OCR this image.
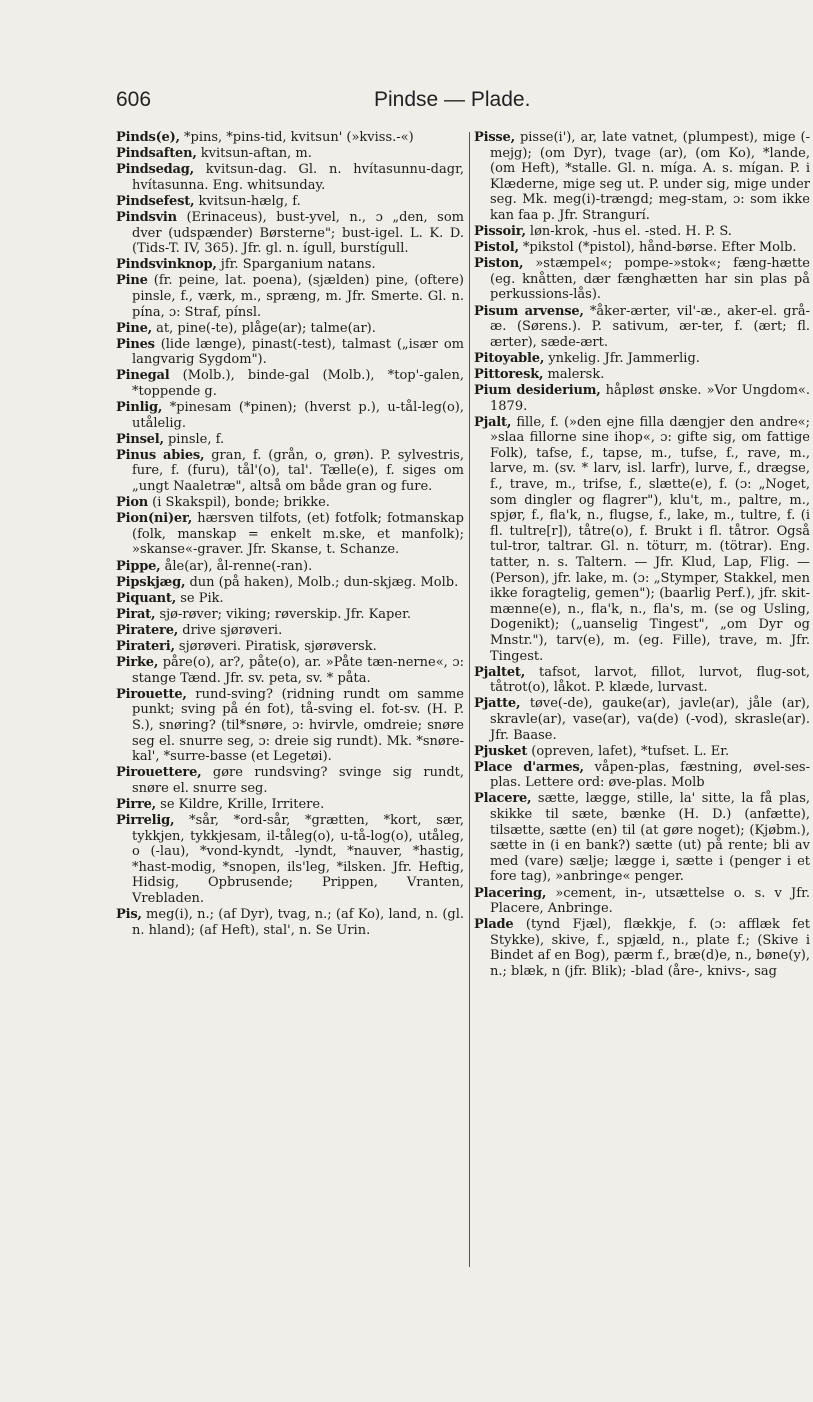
606	Pindse — Plade.

Pinds(e), *pins, *pins-tid, kvitsun' (»kviss.-«)

Pindsaften, kvitsun-aftan, m.

Pindsedag, kvitsun-dag. Gl. n. hvítasunnu-dagr, hvítasunna. Eng. whitsunday.

Pindsefest, kvitsun-hælg, f.

Pindsvin (Erinaceus), bust-yvel, n., ɔ „den, som dver (udspænder) Børsterne"; bust-igel. L. K. D. (Tids-T. IV, 365). Jfr. gl. n. ígull, burstígull.

Pindsvinknop, jfr. Sparganium natans.

Pine (fr. peine, lat. poena), (sjælden) pine, (oftere) pinsle, f., værk, m., spræng, m. Jfr. Smerte. Gl. n. pína, ɔ: Straf, pínsl.

Pine, at, pine(-te), plåge(ar); talme(ar).

Pines (lide længe), pinast(-test), talmast („især om langvarig Sygdom").

Pinegal (Molb.), binde-gal (Molb.), *top'-galen, *toppende g.

Pinlig, *pinesam (*pinen); (hverst p.), u-tål-leg(o), utålelig.

Pinsel, pinsle, f.

Pinus abies, gran, f. (grån, o, grøn). P. sylvestris, fure, f. (furu), tål'(o), tal'. Tælle(e), f. siges om „ungt Naaletræ", altså om både gran og fure.

Pion (i Skakspil), bonde; brikke.

Pion(ni)er, hærsven tilfots, (et) fotfolk; fotmanskap (folk, manskap = enkelt m.ske, et manfolk); »skanse«-graver. Jfr. Skanse, t. Schanze.

Pippe, åle(ar), ål-renne(-ran).

Pipskjæg, dun (på haken), Molb.; dun-skjæg. Molb.

Piquant, se Pik.

Pirat, sjø-røver; viking; røverskip. Jfr. Kaper.

Piratere, drive sjørøveri.

Pirateri, sjørøveri. Piratisk, sjørøversk.

Pirke, påre(o), ar?, påte(o), ar. »Påte tæn-nerne«, ɔ: stange Tænd. Jfr. sv. peta, sv. * påta.

Pirouette, rund-sving? (ridning rundt om samme punkt; sving på én fot), tå-sving el. fot-sv. (H. P. S.), snøring? (til*snøre, ɔ: hvirvle, omdreie; snøre seg el. snurre seg, ɔ: dreie sig rundt). Mk. *snøre-kal', *surre-basse (et Legetøi).

Pirouettere, gøre rundsving? svinge sig rundt, snøre el. snurre seg.

Pirre, se Kildre, Krille, Irritere.

Pirrelig, *sår, *ord-sår, *grætten, *kort, sær, tykkjen, tykkjesam, il-tåleg(o), u-tå-log(o), utåleg, o (-lau), *vond-kyndt, -lyndt, *nauver, *hastig, *hast-modig, *snopen, ils'leg, *ilsken. Jfr. Heftig, Hidsig, Opbrusende; Prippen, Vranten, Vrebladen.

Pis, meg(i), n.; (af Dyr), tvag, n.; (af Ko), land, n. (gl. n. hland); (af Heft), stal', n. Se Urin.

Pisse, pisse(i'), ar, late vatnet, (plumpest), mige (-mejg); (om Dyr), tvage (ar), (om Ko), *lande, (om Heft), *stalle. Gl. n. míga. A. s. mígan. P. i Klæderne, mige seg ut. P. under sig, mige under seg. Mk. meg(i)-trængd; meg-stam, ɔ: som ikke kan faa p. Jfr. Strangurí.

Pissoir, løn-krok, -hus el. -sted. H. P. S.

Pistol, *pikstol (*pistol), hånd-børse. Efter Molb.

Piston, »stæmpel«; pompe-»stok«; fæng-hætte (eg. knåtten, dær fænghætten har sin plas på perkussions-lås).

Pisum arvense, *åker-ærter, vil'-æ., aker-el. grå-æ. (Sørens.). P. sativum, ær-ter, f. (ært; fl. ærter), sæde-ært.

Pitoyable, ynkelig. Jfr. Jammerlig.

Pittoresk, malersk.

Pium desiderium, håpløst ønske. »Vor Ungdom«. 1879.

Pjalt, fille, f. (»den ejne filla dængjer den andre«; »slaa fillorne sine ihop«, ɔ: gifte sig, om fattige Folk), tafse, f., tapse, m., tufse, f., rave, m., larve, m. (sv. * larv, isl. larfr), lurve, f., drægse, f., trave, m., trifse, f., slætte(e), f. (ɔ: „Noget, som dingler og flagrer"), klu't, m., paltre, m., spjør, f., fla'k, n., flugse, f., lake, m., tultre, f. (i fl. tultre[r]), tåtre(o), f. Brukt i fl. tåtror. Også tul-tror, taltrar. Gl. n. töturr, m. (tötrar). Eng. tatter, n. s. Taltern. — Jfr. Klud, Lap, Flig. — (Person), jfr. lake, m. (ɔ: „Stymper, Stakkel, men ikke foragtelig, gemen"); (baarlig Perf.), jfr. skit-mænne(e), n., fla'k, n., fla's, m. (se og Usling, Dogenikt); („uanselig Tingest", „om Dyr og Mnstr."), tarv(e), m. (eg. Fille), trave, m. Jfr. Tingest.

Pjaltet, tafsot, larvot, fillot, lurvot, flug-sot, tåtrot(o), låkot. P. klæde, lurvast.

Pjatte, tøve(-de), gauke(ar), javle(ar), jåle (ar), skravle(ar), vase(ar), va(de) (-vod), skrasle(ar). Jfr. Baase.

Pjusket (opreven, lafet), *tufset. L. Er.

Place d'armes, våpen-plas, fæstning, øvel-ses-plas. Lettere ord: øve-plas. Molb

Placere, sætte, lægge, stille, la' sitte, la få plas, skikke til sæte, bænke (H. D.) (anfætte), tilsætte, sætte (en) til (at gøre noget); (Kjøbm.), sætte in (i en bank?) sætte (ut) på rente; bli av med (vare) sælje; lægge i, sætte i (penger i et fore tag), »anbringe« penger.

Placering, »cement, in-, utsættelse o. s. v Jfr. Placere, Anbringe.

Plade (tynd Fjæl), flækkje, f. (ɔ: afflæk fet Stykke), skive, f., spjæld, n., plate f.; (Skive i Bindet af en Bog), pærm f., bræ(d)e, n., bøne(y), n.; blæk, n (jfr. Blik); -blad (åre-, knivs-, sag
